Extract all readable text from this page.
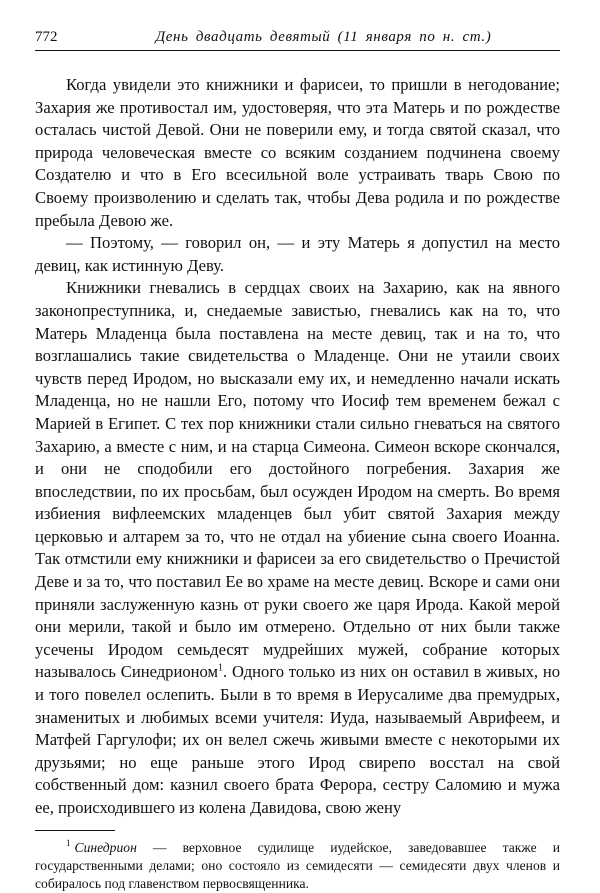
772	День двадцать девятый (11 января по н. ст.)

Когда увидели это книжники и фарисеи, то пришли в негодование; Захария же противостал им, удостоверяя, что эта Матерь и по рождестве осталась чистой Девой. Они не поверили ему, и тогда святой сказал, что природа человеческая вместе со всяким созданием подчинена своему Создателю и что в Его всесильной воле устраивать тварь Свою по Своему произволению и сделать так, чтобы Дева родила и по рождестве пребыла Девою же.

— Поэтому, — говорил он, — и эту Матерь я допустил на место девиц, как истинную Деву.

Книжники гневались в сердцах своих на Захарию, как на явного законопреступника, и, снедаемые завистью, гневались как на то, что Матерь Младенца была поставлена на месте девиц, так и на то, что возглашались такие свидетельства о Младенце. Они не утаили своих чувств перед Иродом, но высказали ему их, и немедленно начали искать Младенца, но не нашли Его, потому что Иосиф тем временем бежал с Марией в Египет. С тех пор книжники стали сильно гневаться на святого Захарию, а вместе с ним, и на старца Симеона. Симеон вскоре скончался, и они не сподобили его достойного погребения. Захария же впоследствии, по их просьбам, был осужден Иродом на смерть. Во время избиения вифлеемских младенцев был убит святой Захария между церковью и алтарем за то, что не отдал на убиение сына своего Иоанна. Так отмстили ему книжники и фарисеи за его свидетельство о Пречистой Деве и за то, что поставил Ее во храме на месте девиц. Вскоре и сами они приняли заслуженную казнь от руки своего же царя Ирода. Какой мерой они мерили, такой и было им отмерено. Отдельно от них были также усечены Иродом семьдесят мудрейших мужей, собрание которых называлось Синедрионом$^1$. Одного только из них он оставил в живых, но и того повелел ослепить. Были в то время в Иерусалиме два премудрых, знаменитых и любимых всеми учителя: Иуда, называемый Аврифеем, и Матфей Гаргулофи; их он велел сжечь живыми вместе с некоторыми их друзьями; но еще раньше этого Ирод свирепо восстал на свой собственный дом: казнил своего брата Ферора, сестру Саломию и мужа ее, происходившего из колена Давидова, свою жену

$^1$ Синедрион — верховное судилище иудейское, заведовавшее также и государственными делами; оно состояло из семидесяти — семидесяти двух членов и собиралось под главенством первосвященника.
